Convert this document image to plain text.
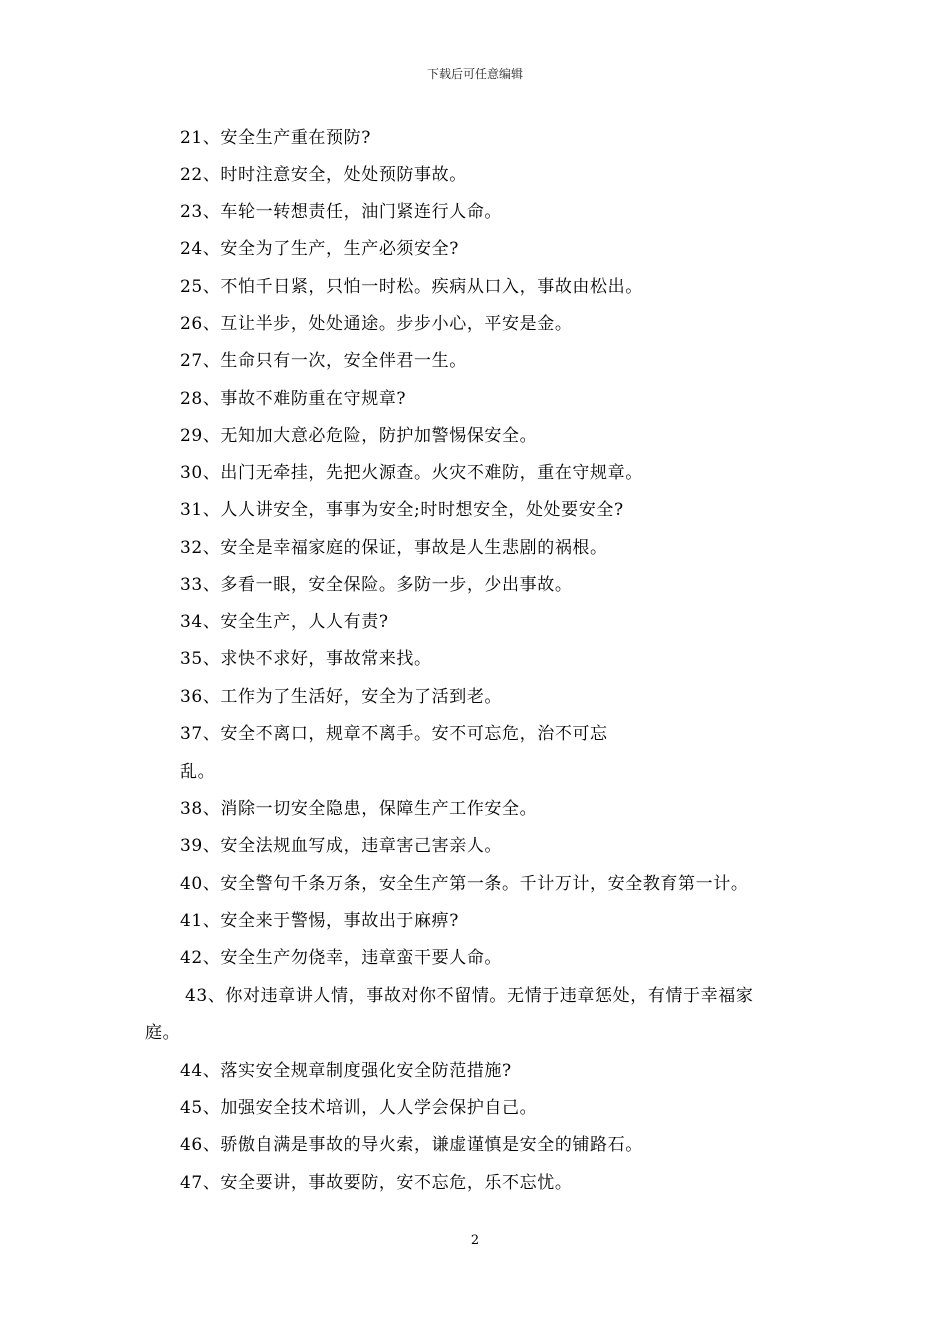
下载后可任意编辑
21、安全生产重在预防?
22、时时注意安全，处处预防事故。
23、车轮一转想责任，油门紧连行人命。
24、安全为了生产，生产必须安全?
25、不怕千日紧，只怕一时松。疾病从口入，事故由松出。
26、互让半步，处处通途。步步小心，平安是金。
27、生命只有一次，安全伴君一生。
28、事故不难防重在守规章?
29、无知加大意必危险，防护加警惕保安全。
30、出门无牵挂，先把火源查。火灾不难防，重在守规章。
31、人人讲安全，事事为安全;时时想安全，处处要安全?
32、安全是幸福家庭的保证，事故是人生悲剧的祸根。
33、多看一眼，安全保险。多防一步，少出事故。
34、安全生产，人人有责?
35、求快不求好，事故常来找。
36、工作为了生活好，安全为了活到老。
37、安全不离口，规章不离手。安不可忘危，治不可忘
乱。
38、消除一切安全隐患，保障生产工作安全。
39、安全法规血写成，违章害己害亲人。
40、安全警句千条万条，安全生产第一条。千计万计，安全教育第一计。
41、安全来于警惕，事故出于麻痹?
42、安全生产勿侥幸，违章蛮干要人命。
43、你对违章讲人情，事故对你不留情。无情于违章惩处，有情于幸福家
庭。
44、落实安全规章制度强化安全防范措施?
45、加强安全技术培训，人人学会保护自己。
46、骄傲自满是事故的导火索，谦虚谨慎是安全的铺路石。
47、安全要讲，事故要防，安不忘危，乐不忘忧。
2
